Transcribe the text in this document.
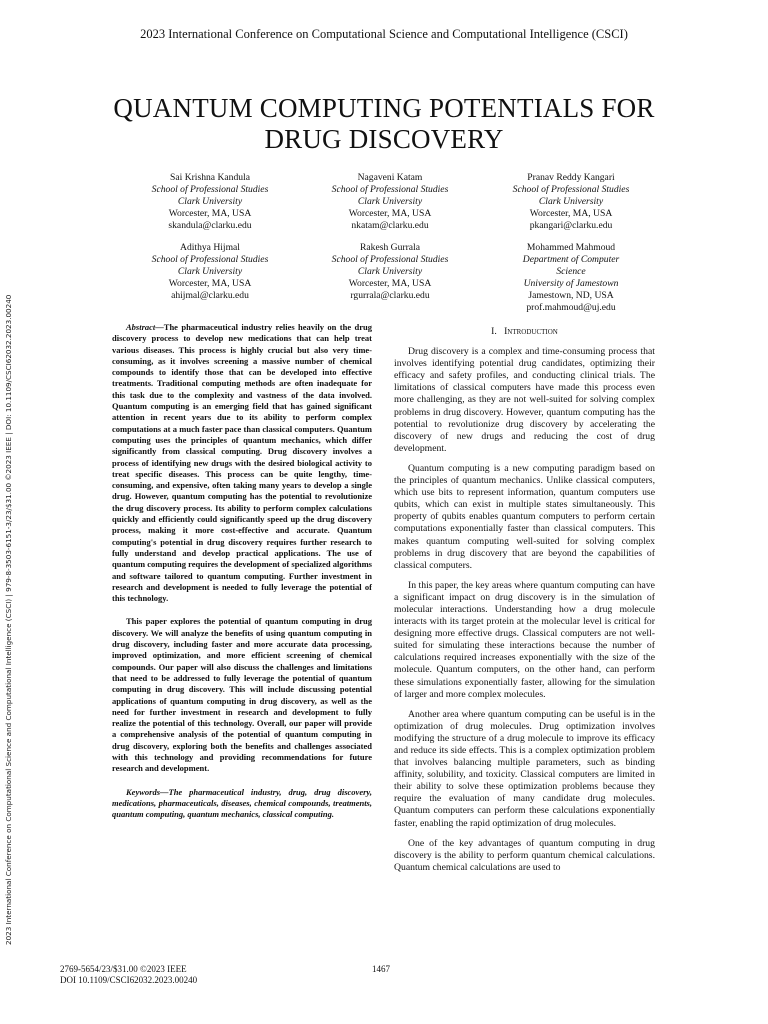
2023 International Conference on Computational Science and Computational Intelligence (CSCI)
2023 International Conference on Computational Science and Computational Intelligence (CSCI) | 979-8-3503-6151-3/23/$31.00 ©2023 IEEE | DOI: 10.1109/CSCI62032.2023.00240
QUANTUM COMPUTING POTENTIALS FOR
DRUG DISCOVERY
Sai Krishna Kandula
School of Professional Studies
Clark University
Worcester, MA, USA
skandula@clarku.edu
Nagaveni Katam
School of Professional Studies
Clark University
Worcester, MA, USA
nkatam@clarku.edu
Pranav Reddy Kangari
School of Professional Studies
Clark University
Worcester, MA, USA
pkangari@clarku.edu
Adithya Hijmal
School of Professional Studies
Clark University
Worcester, MA, USA
ahijmal@clarku.edu
Rakesh Gurrala
School of Professional Studies
Clark University
Worcester, MA, USA
rgurrala@clarku.edu
Mohammed Mahmoud
Department of Computer
Science
University of Jamestown
Jamestown, ND, USA
prof.mahmoud@uj.edu

Abstract—The pharmaceutical industry relies heavily on the drug discovery process to develop new medications that can help treat various diseases. This process is highly crucial but also very time-consuming, as it involves screening a massive number of chemical compounds to identify those that can be developed into effective treatments. Traditional computing methods are often inadequate for this task due to the complexity and vastness of the data involved. Quantum computing is an emerging field that has gained significant attention in recent years due to its ability to perform complex computations at a much faster pace than classical computers. Quantum computing uses the principles of quantum mechanics, which differ significantly from classical computing. Drug discovery involves a process of identifying new drugs with the desired biological activity to treat specific diseases. This process can be quite lengthy, time-consuming, and expensive, often taking many years to develop a single drug. However, quantum computing has the potential to revolutionize the drug discovery process. Its ability to perform complex calculations quickly and efficiently could significantly speed up the drug discovery process, making it more cost-effective and accurate. Quantum computing's potential in drug discovery requires further research to fully understand and develop practical applications. The use of quantum computing requires the development of specialized algorithms and software tailored to quantum computing. Further investment in research and development is needed to fully leverage the potential of this technology.

This paper explores the potential of quantum computing in drug discovery. We will analyze the benefits of using quantum computing in drug discovery, including faster and more accurate data processing, improved optimization, and more efficient screening of chemical compounds. Our paper will also discuss the challenges and limitations that need to be addressed to fully leverage the potential of quantum computing in drug discovery. This will include discussing potential applications of quantum computing in drug discovery, as well as the need for further investment in research and development to fully realize the potential of this technology. Overall, our paper will provide a comprehensive analysis of the potential of quantum computing in drug discovery, exploring both the benefits and challenges associated with this technology and providing recommendations for future research and development.

Keywords—The pharmaceutical industry, drug, drug discovery, medications, pharmaceuticals, diseases, chemical compounds, treatments, quantum computing, quantum mechanics, classical computing.

I. Introduction

Drug discovery is a complex and time-consuming process that involves identifying potential drug candidates, optimizing their efficacy and safety profiles, and conducting clinical trials. The limitations of classical computers have made this process even more challenging, as they are not well-suited for solving complex problems in drug discovery. However, quantum computing has the potential to revolutionize drug discovery by accelerating the discovery of new drugs and reducing the cost of drug development.

Quantum computing is a new computing paradigm based on the principles of quantum mechanics. Unlike classical computers, which use bits to represent information, quantum computers use qubits, which can exist in multiple states simultaneously. This property of qubits enables quantum computers to perform certain computations exponentially faster than classical computers. This makes quantum computing well-suited for solving complex problems in drug discovery that are beyond the capabilities of classical computers.

In this paper, the key areas where quantum computing can have a significant impact on drug discovery is in the simulation of molecular interactions. Understanding how a drug molecule interacts with its target protein at the molecular level is critical for designing more effective drugs. Classical computers are not well-suited for simulating these interactions because the number of calculations required increases exponentially with the size of the molecule. Quantum computers, on the other hand, can perform these simulations exponentially faster, allowing for the simulation of larger and more complex molecules.

Another area where quantum computing can be useful is in the optimization of drug molecules. Drug optimization involves modifying the structure of a drug molecule to improve its efficacy and reduce its side effects. This is a complex optimization problem that involves balancing multiple parameters, such as binding affinity, solubility, and toxicity. Classical computers are limited in their ability to solve these optimization problems because they require the evaluation of many candidate drug molecules. Quantum computers can perform these calculations exponentially faster, enabling the rapid optimization of drug molecules.

One of the key advantages of quantum computing in drug discovery is the ability to perform quantum chemical calculations. Quantum chemical calculations are used to

2769-5654/23/$31.00 ©2023 IEEE
DOI 10.1109/CSCI62032.2023.00240
1467
